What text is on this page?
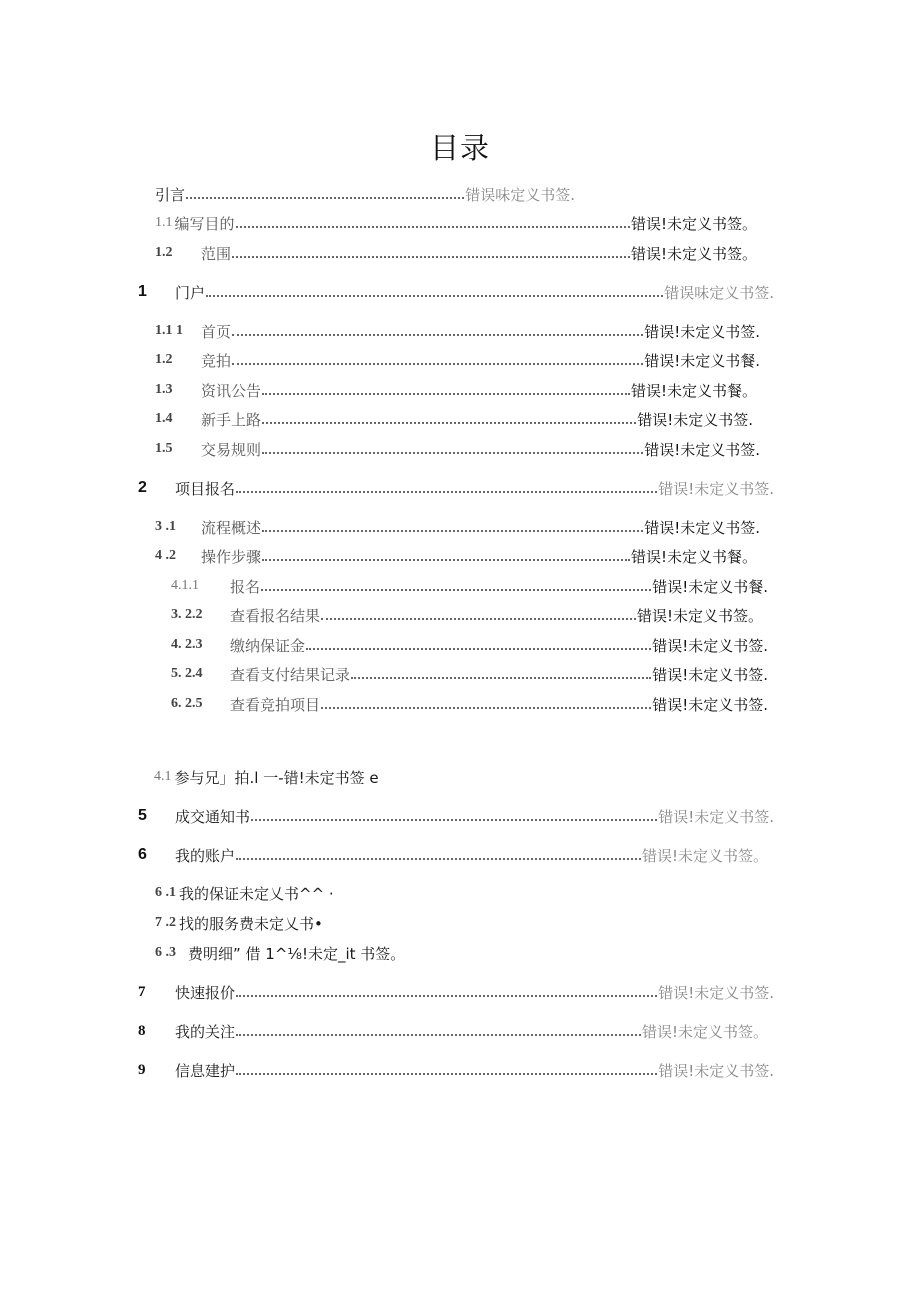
目录
引言	错误味定义书签.
1.1 编写目的	错误!未定义书签。
1.2	范围	错误!未定义书签。
1	门户	错误味定义书签.
1.1 1	首页	错误!未定义书签.
1.2	竞拍	错误!未定义书餐.
1.3	资讯公告	错误!未定义书餐。
1.4	新手上路	错误!未定义书签.
1.5	交易规则	错误!未定义书签.
2	项目报名	错误!未定义书签.
3 .1	流程概述	错误!未定义书签.
4 .2	操作步骤	错误!未定义书餐。
4.1.1	报名	错误!未定义书餐.
3. 2.2	查看报名结果	错误!未定义书签。
4. 2.3	缴纳保证金	错误!未定义书签.
5. 2.4	查看支付结果记录	错误!未定义书签.
6. 2.5	查看竞拍项目	错误!未定义书签.
4.1 参与兄」拍.l 一-错!未定书签 e
5	成交通知书	错误!未定义书签.
6	我的账户	错误!未定义书签。
6 .1 我的保证未定乂书^^ ·
7 .2 找的服务费未定乂书•
6 .3 费明细” 借 1^⅛!未定_it 书签。
7	快速报价	错误!未定义书签.
8	我的关注	错误!未定义书签。
9	信息建护	错误!未定义书签.
